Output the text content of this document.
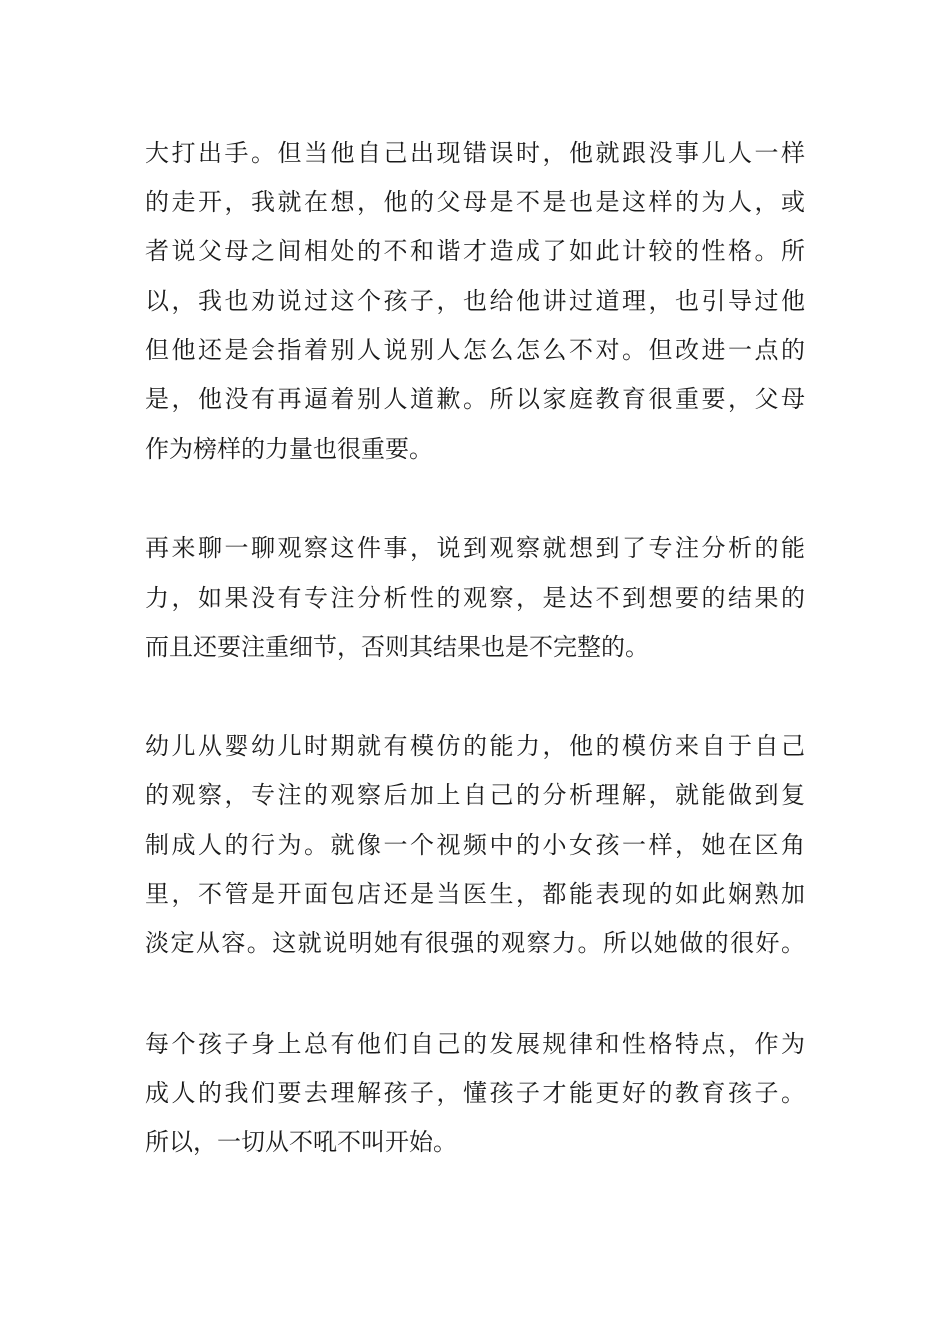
大打出手。但当他自己出现错误时，他就跟没事儿人一样
的走开，我就在想，他的父母是不是也是这样的为人，或
者说父母之间相处的不和谐才造成了如此计较的性格。所
以，我也劝说过这个孩子，也给他讲过道理，也引导过他
但他还是会指着别人说别人怎么怎么不对。但改进一点的
是，他没有再逼着别人道歉。所以家庭教育很重要，父母
作为榜样的力量也很重要。
再来聊一聊观察这件事，说到观察就想到了专注分析的能
力，如果没有专注分析性的观察，是达不到想要的结果的
而且还要注重细节，否则其结果也是不完整的。
幼儿从婴幼儿时期就有模仿的能力，他的模仿来自于自己
的观察，专注的观察后加上自己的分析理解，就能做到复
制成人的行为。就像一个视频中的小女孩一样，她在区角
里，不管是开面包店还是当医生，都能表现的如此娴熟加
淡定从容。这就说明她有很强的观察力。所以她做的很好。
每个孩子身上总有他们自己的发展规律和性格特点，作为
成人的我们要去理解孩子，懂孩子才能更好的教育孩子。
所以，一切从不吼不叫开始。
